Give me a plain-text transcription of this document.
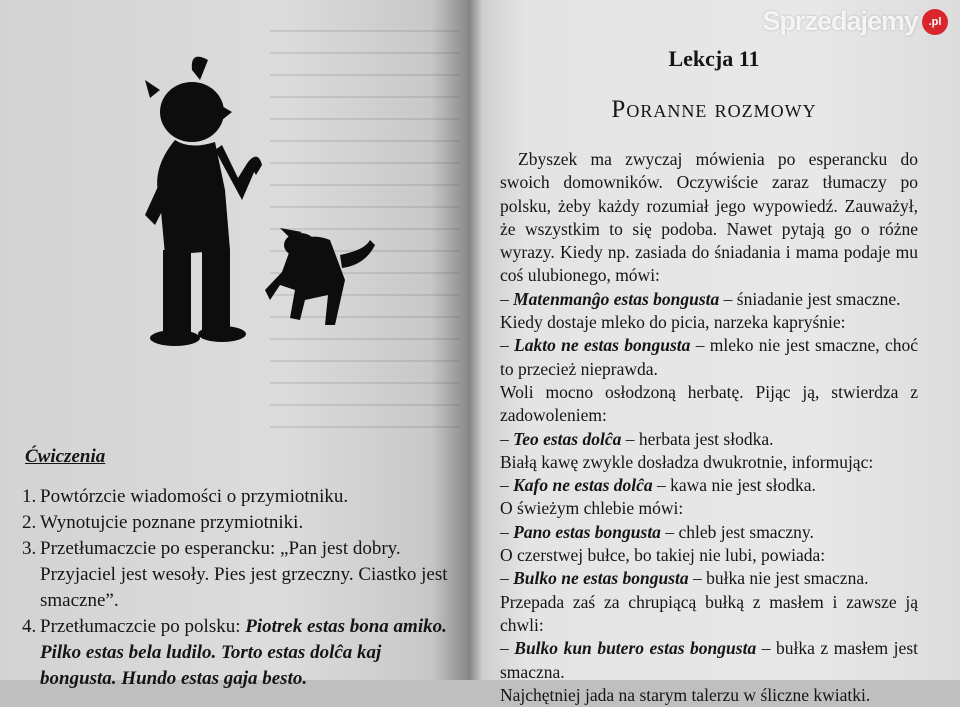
Ćwiczenia
1. Powtórzcie wiadomości o przymiotniku.
2. Wynotujcie poznane przymiotniki.
3. Przetłumaczcie po esperancku: „Pan jest dobry. Przyjaciel jest wesoły. Pies jest grzeczny. Ciastko jest smaczne”.
4. Przetłumaczcie po polsku: Piotrek estas bona amiko. Pilko estas bela ludilo. Torto estas dolĉa kaj bongusta. Hundo estas gaja besto.
Lekcja 11
Poranne rozmowy

Zbyszek ma zwyczaj mówienia po esperancku do swoich domowników. Oczywiście zaraz tłumaczy po polsku, żeby każdy rozumiał jego wypowiedź. Zauważył, że wszystkim to się podoba. Nawet pytają go o różne wyrazy. Kiedy np. zasiada do śniadania i mama podaje mu coś ulubionego, mówi:

– Matenmanĝo estas bongusta – śniadanie jest smaczne.

Kiedy dostaje mleko do picia, narzeka kapryśnie:

– Lakto ne estas bongusta – mleko nie jest smaczne, choć to przecież nieprawda.

Woli mocno osłodzoną herbatę. Pijąc ją, stwierdza z zadowoleniem:

– Teo estas dolĉa – herbata jest słodka.

Białą kawę zwykle dosładza dwukrotnie, informując:

– Kafo ne estas dolĉa – kawa nie jest słodka.

O świeżym chlebie mówi:

– Pano estas bongusta – chleb jest smaczny.

O czerstwej bułce, bo takiej nie lubi, powiada:

– Bulko ne estas bongusta – bułka nie jest smaczna.

Przepada zaś za chrupiącą bułką z masłem i zawsze ją chwli:

– Bulko kun butero estas bongusta – bułka z masłem jest smaczna.

Najchętniej jada na starym talerzu w śliczne kwiatki.

Sprzedajemy .pl
